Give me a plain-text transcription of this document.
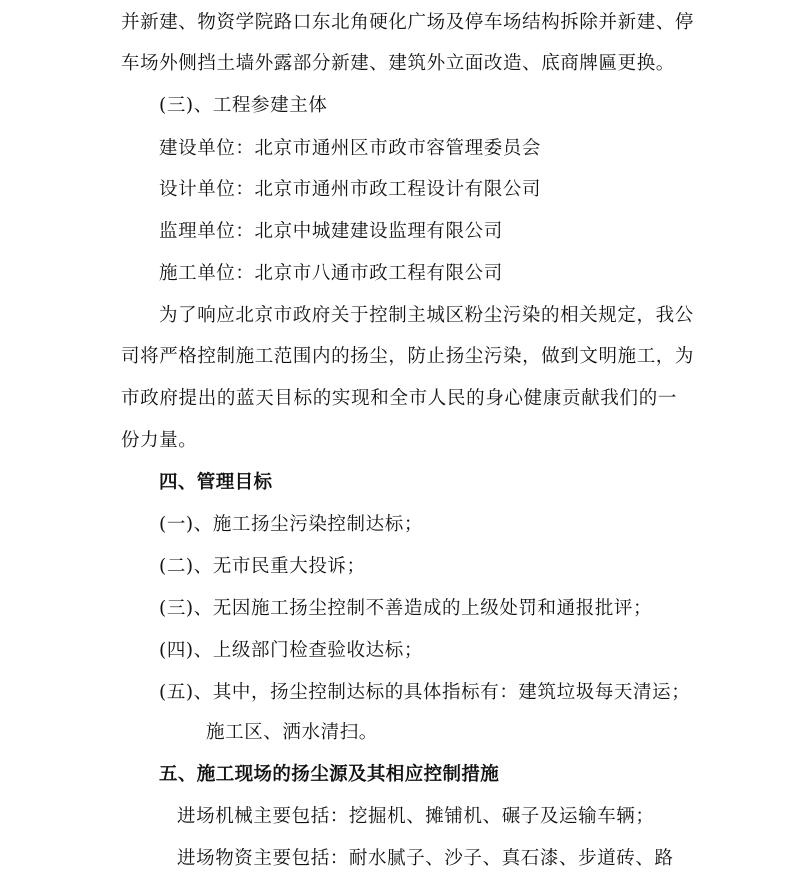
并新建、物资学院路口东北角硬化广场及停车场结构拆除并新建、停
车场外侧挡土墙外露部分新建、建筑外立面改造、底商牌匾更换。
(三)、工程参建主体
建设单位：北京市通州区市政市容管理委员会
设计单位：北京市通州市政工程设计有限公司
监理单位：北京中城建建设监理有限公司
施工单位：北京市八通市政工程有限公司
为了响应北京市政府关于控制主城区粉尘污染的相关规定，我公
司将严格控制施工范围内的扬尘，防止扬尘污染，做到文明施工，为
市政府提出的蓝天目标的实现和全市人民的身心健康贡献我们的一
份力量。
四、管理目标
(一)、施工扬尘污染控制达标；
(二)、无市民重大投诉；
(三)、无因施工扬尘控制不善造成的上级处罚和通报批评；
(四)、上级部门检查验收达标；
(五)、其中，扬尘控制达标的具体指标有：建筑垃圾每天清运；
施工区、洒水清扫。
五、施工现场的扬尘源及其相应控制措施
进场机械主要包括：挖掘机、摊铺机、碾子及运输车辆；
进场物资主要包括：耐水腻子、沙子、真石漆、步道砖、路
